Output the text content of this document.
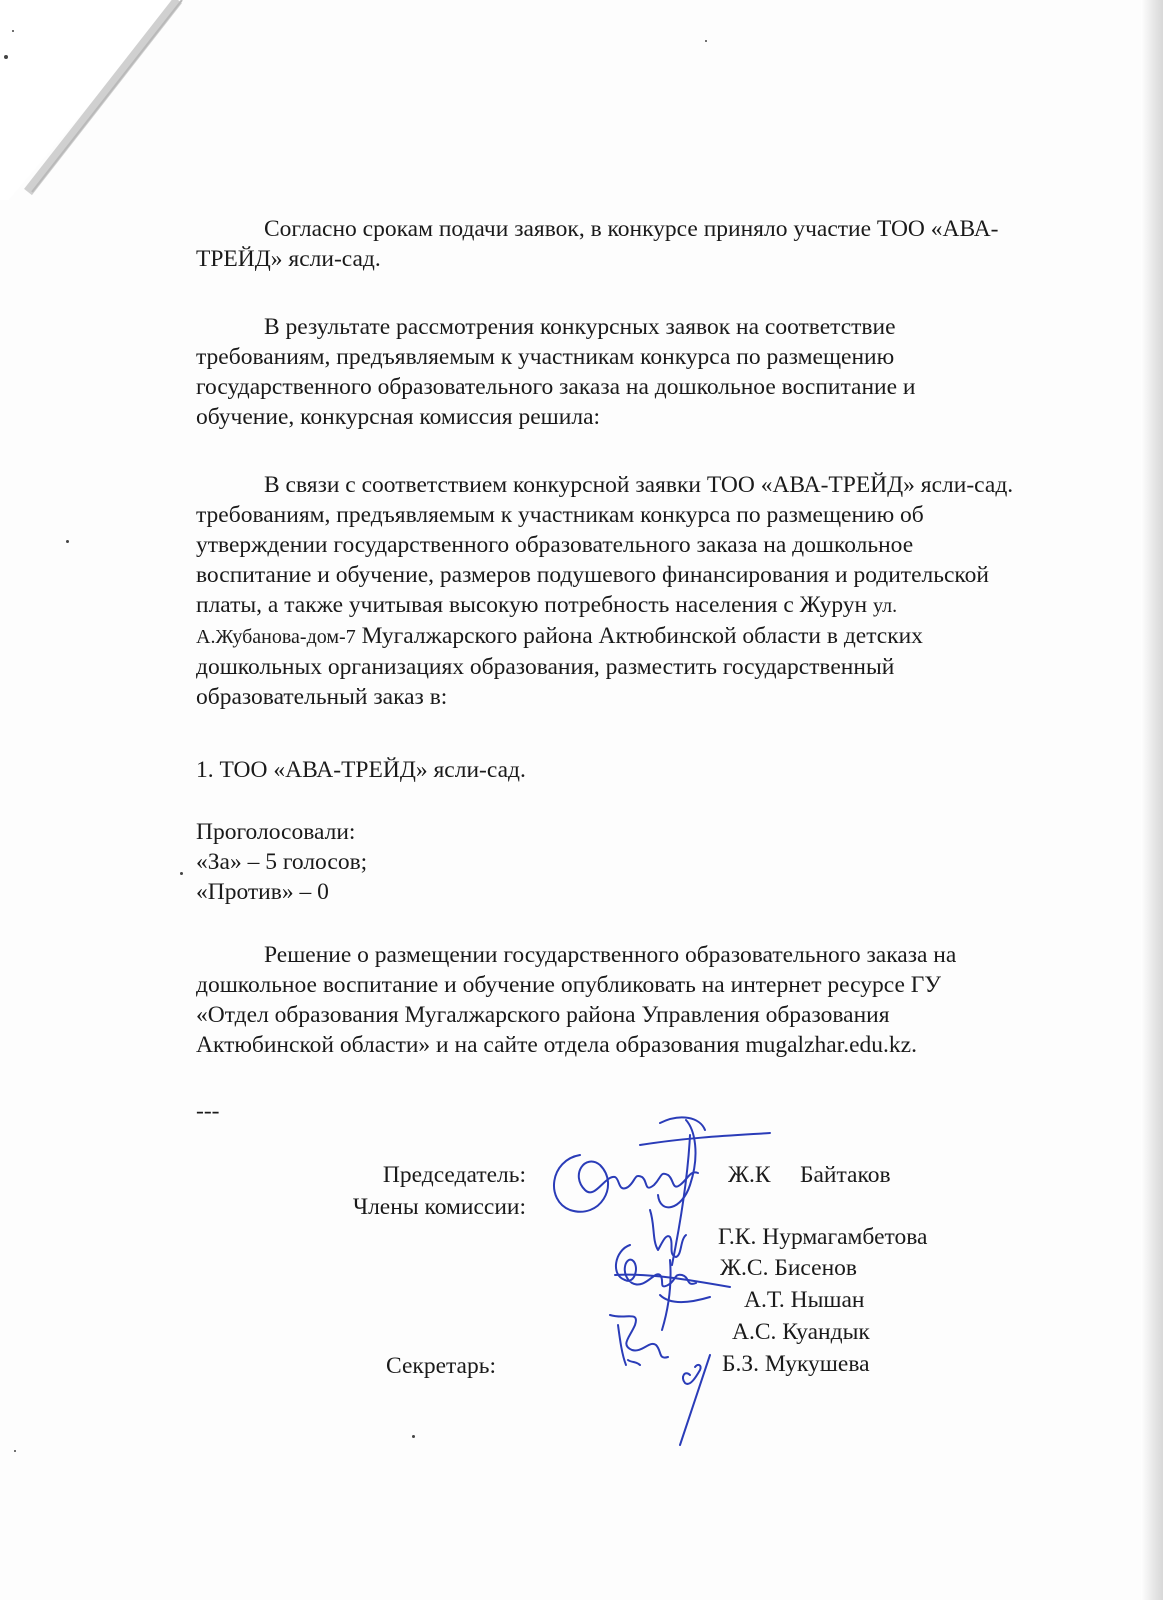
Согласно срокам подачи заявок, в конкурсе приняло участие ТОО «АВА-

ТРЕЙД» ясли-сад.

В результате рассмотрения конкурсных заявок на соответствие

требованиям, предъявляемым к участникам конкурса по размещению

государственного образовательного заказа на дошкольное воспитание и

обучение, конкурсная комиссия решила:

В связи с соответствием конкурсной заявки ТОО «АВА-ТРЕЙД» ясли-сад.

требованиям, предъявляемым к участникам конкурса по размещению об

утверждении государственного образовательного заказа на дошкольное

воспитание и обучение, размеров подушевого финансирования и родительской

платы, а также учитывая высокую потребность населения с Журун ул.

А.Жубанова-дом-7 Мугалжарского района Актюбинской области в детских

дошкольных организациях образования, разместить государственный

образовательный заказ в:

1. ТОО «АВА-ТРЕЙД» ясли-сад.

Проголосовали:

«За» – 5 голосов;

«Против» – 0

Решение о размещении государственного образовательного заказа на

дошкольное воспитание и обучение опубликовать на интернет ресурсе ГУ

«Отдел образования Мугалжарского района Управления образования

Актюбинской области» и на сайте отдела образования mugalzhar.edu.kz.

---

Председатель:
Члены комиссии:
Секретарь:
Ж.К     Байтаков
Г.К. Нурмагамбетова
Ж.С. Бисенов
А.Т. Нышан
А.С. Куандык
Б.З. Мукушева
